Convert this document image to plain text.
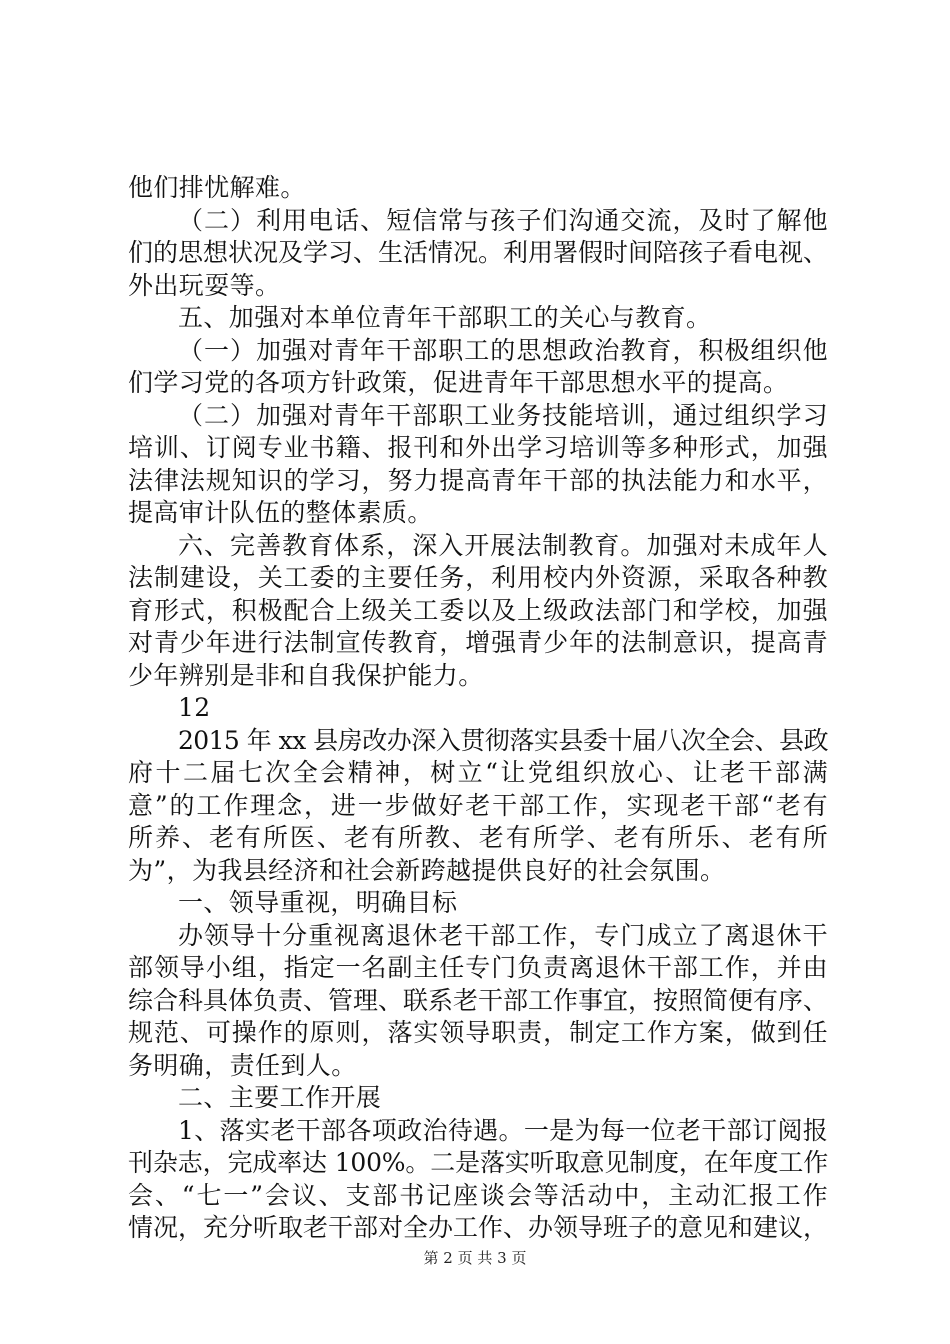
他们排忧解难。
（二）利用电话、短信常与孩子们沟通交流，及时了解他
们的思想状况及学习、生活情况。利用署假时间陪孩子看电视、
外出玩耍等。
五、加强对本单位青年干部职工的关心与教育。
（一）加强对青年干部职工的思想政治教育，积极组织他
们学习党的各项方针政策，促进青年干部思想水平的提高。
（二）加强对青年干部职工业务技能培训，通过组织学习
培训、订阅专业书籍、报刊和外出学习培训等多种形式，加强
法律法规知识的学习，努力提高青年干部的执法能力和水平，
提高审计队伍的整体素质。
六、完善教育体系，深入开展法制教育。加强对未成年人
法制建设，关工委的主要任务，利用校内外资源，采取各种教
育形式，积极配合上级关工委以及上级政法部门和学校，加强
对青少年进行法制宣传教育，增强青少年的法制意识，提高青
少年辨别是非和自我保护能力。
12
2015 年 xx 县房改办深入贯彻落实县委十届八次全会、县政
府十二届七次全会精神，树立“让党组织放心、让老干部满
意”的工作理念，进一步做好老干部工作，实现老干部“老有
所养、老有所医、老有所教、老有所学、老有所乐、老有所
为”，为我县经济和社会新跨越提供良好的社会氛围。
一、领导重视，明确目标
办领导十分重视离退休老干部工作，专门成立了离退休干
部领导小组，指定一名副主任专门负责离退休干部工作，并由
综合科具体负责、管理、联系老干部工作事宜，按照简便有序、
规范、可操作的原则，落实领导职责，制定工作方案，做到任
务明确，责任到人。
二、主要工作开展
1、落实老干部各项政治待遇。一是为每一位老干部订阅报
刊杂志，完成率达 100%。二是落实听取意见制度，在年度工作
会、“七一”会议、支部书记座谈会等活动中，主动汇报工作
情况，充分听取老干部对全办工作、办领导班子的意见和建议，
第 2 页 共 3 页
